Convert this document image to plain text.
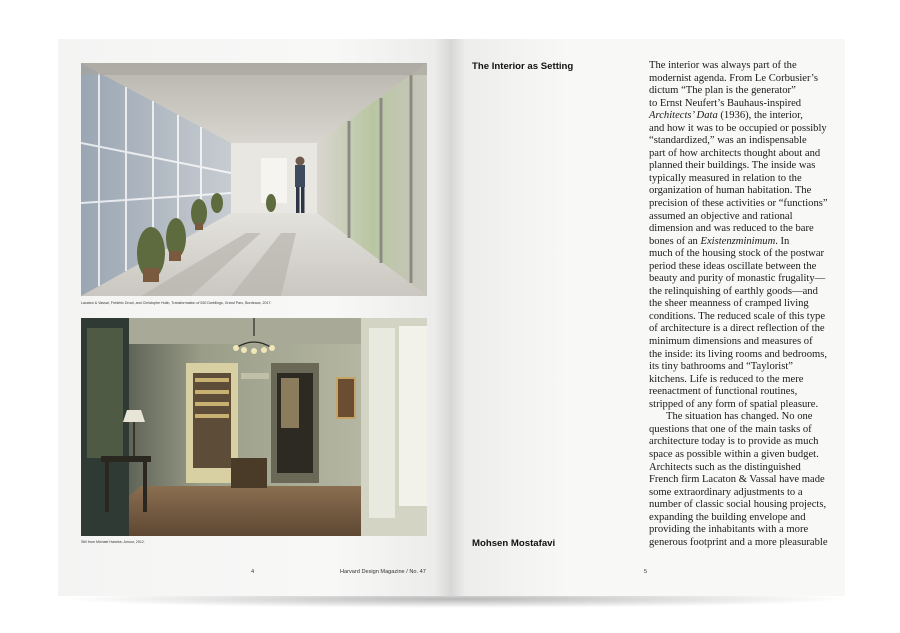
Lacaton & Vassal, Frédéric Druot, and Christophe Hutin, Transformation of 530 Dwellings, Grand Parc, Bordeaux, 2017.
Still from Michael Haneke, Amour, 2012.
4	Harvard Design Magazine / No. 47
The Interior as Setting
Mohsen Mostafavi
The interior was always part of the
modernist agenda. From Le Corbusier’s
dictum “The plan is the generator”
to Ernst Neufert’s Bauhaus-inspired
Architects’ Data (1936), the interior,
and how it was to be occupied or possibly
“standardized,” was an indispensable
part of how architects thought about and
planned their buildings. The inside was
typically measured in relation to the
organization of human habitation. The
precision of these activities or “functions”
assumed an objective and rational
dimension and was reduced to the bare
bones of an Existenzminimum. In
much of the housing stock of the postwar
period these ideas oscillate between the
beauty and purity of monastic frugality—
the relinquishing of earthly goods—and
the sheer meanness of cramped living
conditions. The reduced scale of this type
of architecture is a direct reflection of the
minimum dimensions and measures of
the inside: its living rooms and bedrooms,
its tiny bathrooms and “Taylorist”
kitchens. Life is reduced to the mere
reenactment of functional routines,
stripped of any form of spatial pleasure.
The situation has changed. No one
questions that one of the main tasks of
architecture today is to provide as much
space as possible within a given budget.
Architects such as the distinguished
French firm Lacaton & Vassal have made
some extraordinary adjustments to a
number of classic social housing projects,
expanding the building envelope and
providing the inhabitants with a more
generous footprint and a more pleasurable
5
